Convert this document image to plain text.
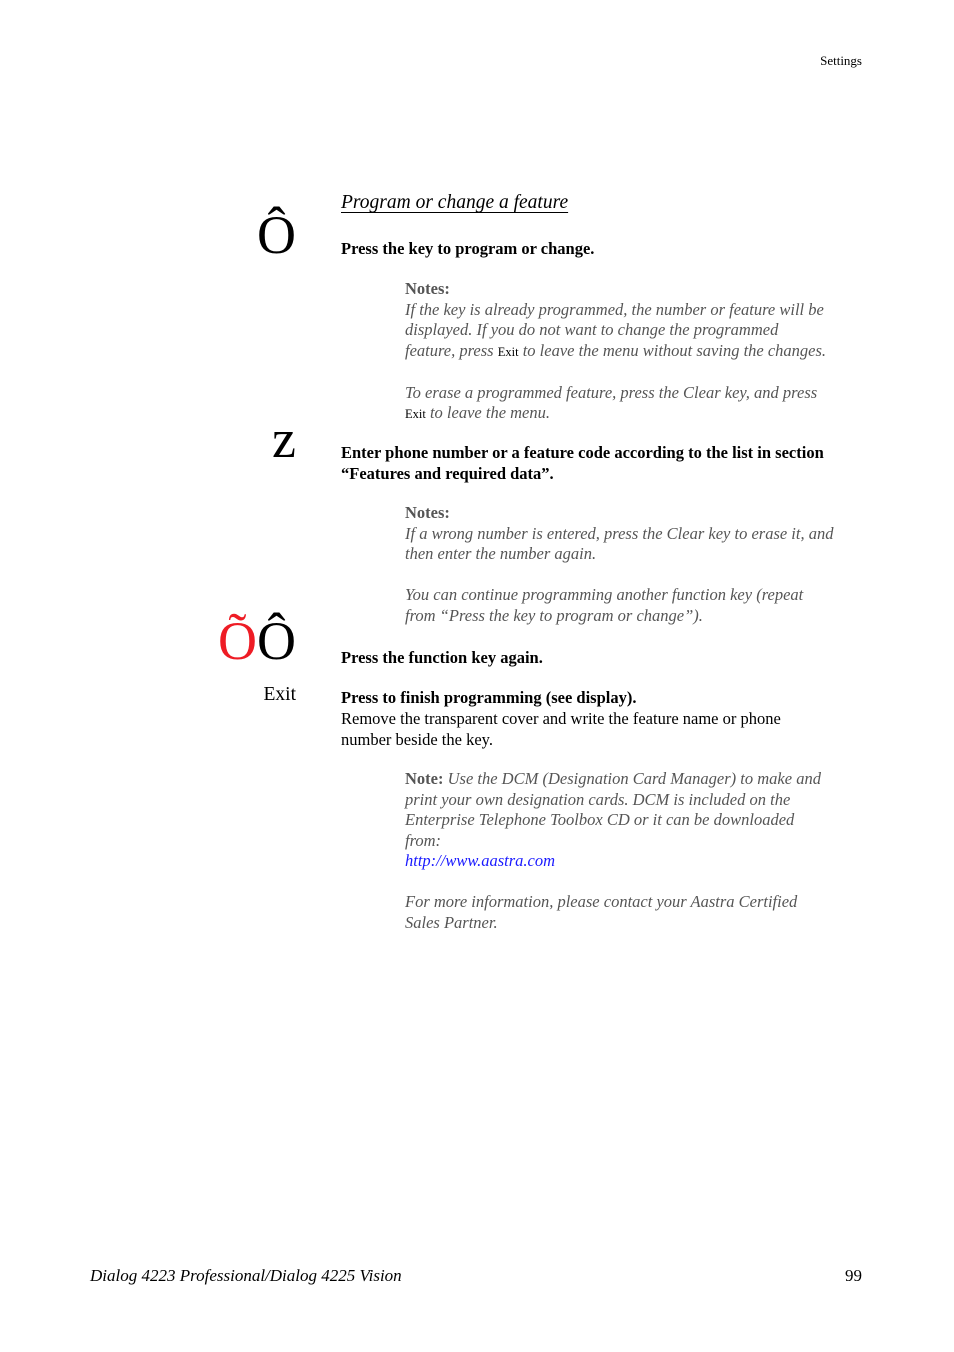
Settings
Program or change a feature
Ô
z
ÕÔ
Exit
Press the key to program or change.
Notes:
If the key is already programmed, the number or feature will be
displayed. If you do not want to change the programmed
feature, press Exit to leave the menu without saving the changes.
To erase a programmed feature, press the Clear key, and press
Exit to leave the menu.
Enter phone number or a feature code according to the list in section
“Features and required data”.
Notes:
If a wrong number is entered, press the Clear key to erase it, and
then enter the number again.
You can continue programming another function key (repeat
from “Press the key to program or change”).
Press the function key again.
Press to finish programming (see display).
Remove the transparent cover and write the feature name or phone
number beside the key.
Note: Use the DCM (Designation Card Manager) to make and
print your own designation cards. DCM is included on the
Enterprise Telephone Toolbox CD or it can be downloaded
from:
http://www.aastra.com
For more information, please contact your Aastra Certified
Sales Partner.
Dialog 4223 Professional/Dialog 4225 Vision	99
